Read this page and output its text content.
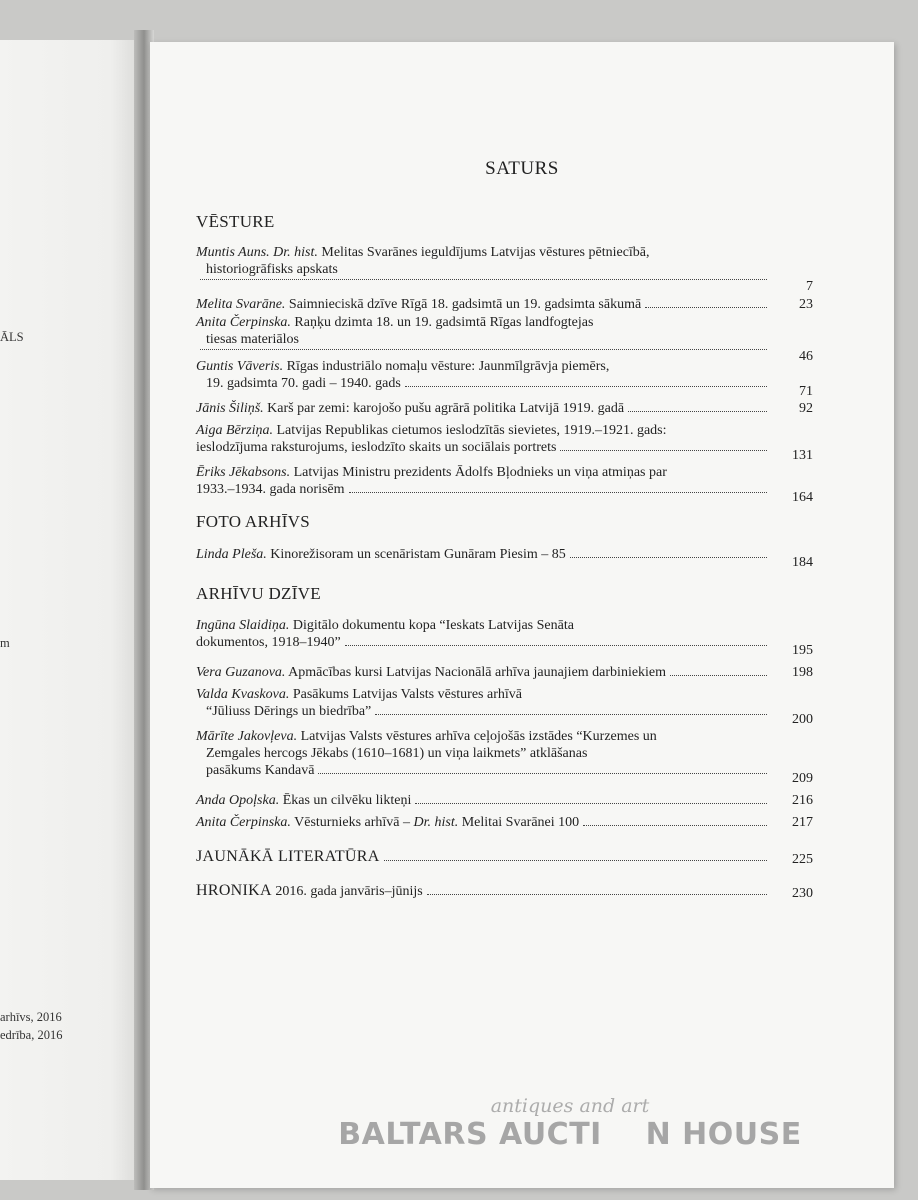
ĀLS
m
arhīvs, 2016
edrība, 2016
SATURS
VĒSTURE
Muntis Auns. Dr. hist. Melitas Svarānes ieguldījums Latvijas vēstures pētniecībā,
historiogrāfisks apskats
7
Melita Svarāne. Saimnieciskā dzīve Rīgā 18. gadsimtā un 19. gadsimta sākumā	23
Anita Čerpinska. Raņķu dzimta 18. un 19. gadsimtā Rīgas landfogtejas
tiesas materiālos
46
Guntis Vāveris. Rīgas industriālo nomaļu vēsture: Jaunmīlgrāvja piemērs,
19. gadsimta 70. gadi – 1940. gads
71
Jānis Šiliņš. Karš par zemi: karojošo pušu agrārā politika Latvijā 1919. gadā	92
Aiga Bērziņa. Latvijas Republikas cietumos ieslodzītās sievietes, 1919.–1921. gads:
ieslodzījuma raksturojums, ieslodzīto skaits un sociālais portrets
131
Ēriks Jēkabsons. Latvijas Ministru prezidents Ādolfs Bļodnieks un viņa atmiņas par
1933.–1934. gada norisēm
164
FOTO ARHĪVS
Linda Pleša. Kinorežisoram un scenāristam Gunāram Piesim – 85
184
ARHĪVU DZĪVE
Ingūna Slaidiņa. Digitālo dokumentu kopa “Ieskats Latvijas Senāta
dokumentos, 1918–1940”
195
Vera Guzanova. Apmācības kursi Latvijas Nacionālā arhīva jaunajiem darbiniekiem	198
Valda Kvaskova. Pasākums Latvijas Valsts vēstures arhīvā
“Jūliuss Dērings un biedrība”
200
Mārīte Jakovļeva. Latvijas Valsts vēstures arhīva ceļojošās izstādes “Kurzemes un
Zemgales hercogs Jēkabs (1610–1681) un viņa laikmets” atklāšanas
pasākums Kandavā
209
Anda Opoļska. Ēkas un cilvēku likteņi	216
Anita Čerpinska. Vēsturnieks arhīvā – Dr. hist. Melitai Svarānei 100	217
JAUNĀKĀ LITERATŪRA	225
HRONIKA 2016. gada janvāris–jūnijs	230
antiques and art
BALTARS AUCTI    N HOUSE
